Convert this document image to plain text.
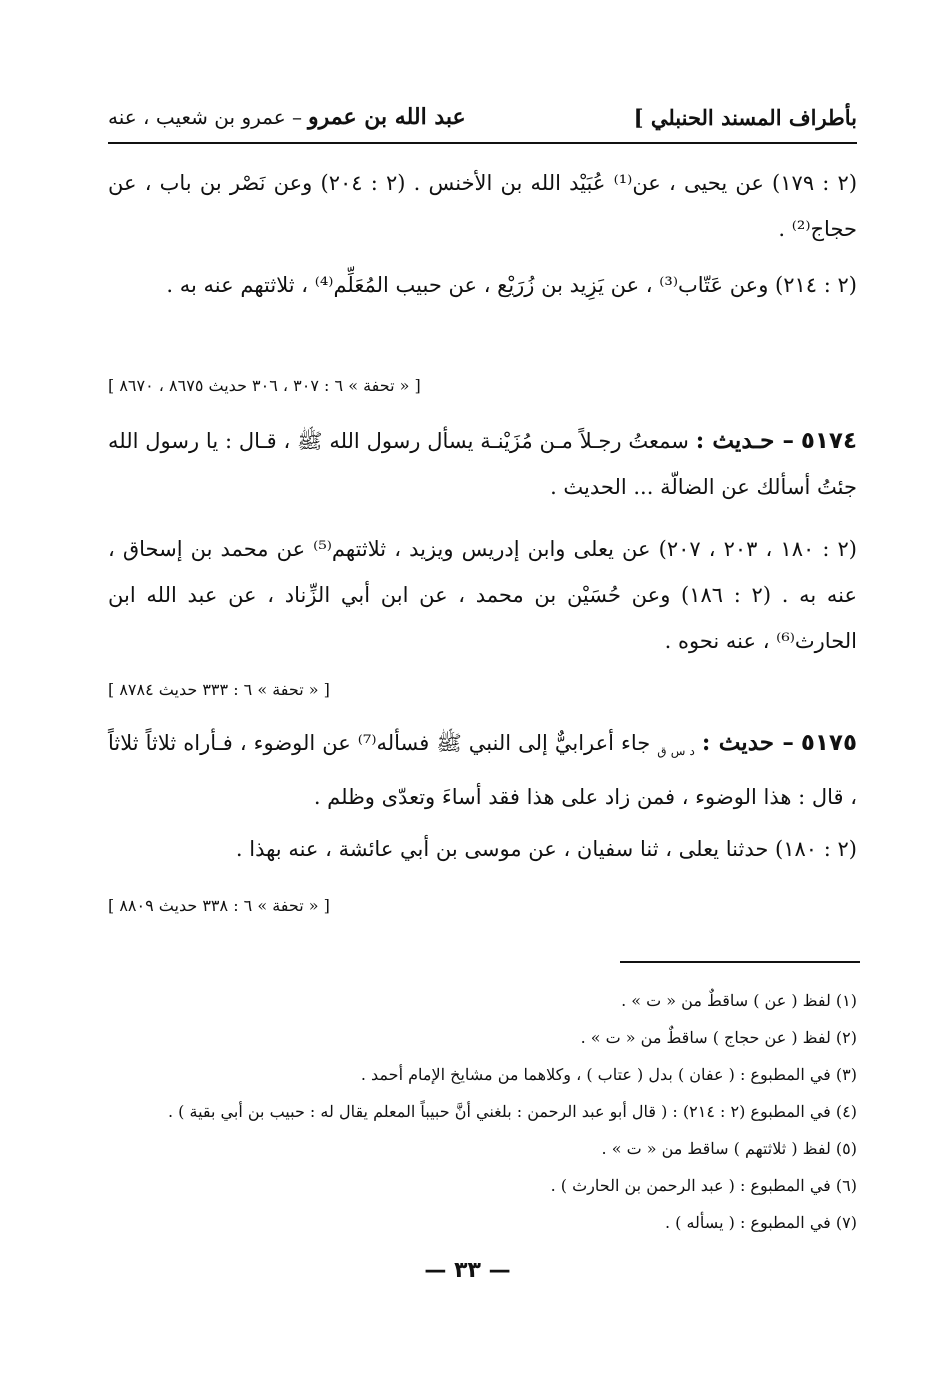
بأطراف المسند الحنبلي ]
عبد الله بن عمرو
– عمرو بن شعيب ، عنه

(٢ : ١٧٩) عن يحيى ، عن⁽¹⁾ عُبَيْد الله بن الأخنس . (٢ : ٢٠٤) وعن نَصْر بن باب ، عن حجاج⁽²⁾ .

(٢ : ٢١٤) وعن عَتّاب⁽³⁾ ، عن يَزِيد بن زُرَيْع ، عن حبيب المُعَلِّم⁽⁴⁾ ، ثلاثتهم عنه به .

[ « تحفة » ٦ : ٣٠٧ ، ٣٠٦ حديث ٨٦٧٥ ، ٨٦٧٠ ]

٥١٧٤ – حـديث : سمعتُ رجـلاً مـن مُزَيْنـة يسأل رسول الله ﷺ ، قـال : يا رسول الله جئتُ أسألك عن الضالّة ... الحديث .

(٢ : ١٨٠ ، ٢٠٣ ، ٢٠٧) عن يعلى وابن إدريس ويزيد ، ثلاثتهم⁽⁵⁾ عن محمد بن إسحاق ، عنه به . (٢ : ١٨٦) وعن حُسَيْن بن محمد ، عن ابن أبي الزِّناد ، عن عبد الله ابن الحارث⁽⁶⁾ ، عنه نحوه .

[ « تحفة » ٦ : ٣٣٣ حديث ٨٧٨٤ ]

٥١٧٥ – حديث : $_{د س ق}$ جاء أعرابيٌّ إلى النبي ﷺ فسأله⁽⁷⁾ عن الوضوء ، فـأراه ثلاثاً ثلاثاً ، قال : هذا الوضوء ، فمن زاد على هذا فقد أساءَ وتعدّى وظلم .

(٢ : ١٨٠) حدثنا يعلى ، ثنا سفيان ، عن موسى بن أبي عائشة ، عنه بهذا .

[ « تحفة » ٦ : ٣٣٨ حديث ٨٨٠٩ ]

(١) لفظ ( عن ) ساقطٌ من « ت » .

(٢) لفظ ( عن حجاج ) ساقطٌ من « ت » .

(٣) في المطبوع : ( عفان ) بدل ( عتاب ) ، وكلاهما من مشايخ الإمام أحمد .

(٤) في المطبوع (٢ : ٢١٤) : ( قال أبو عبد الرحمن : بلغني أنَّ حبيباً المعلم يقال له : حبيب بن أبي بقية ) .

(٥) لفظ ( ثلاثتهم ) ساقط من « ت » .

(٦) في المطبوع : ( عبد الرحمن بن الحارث ) .

(٧) في المطبوع : ( يسأله ) .

— ٣٣ —
